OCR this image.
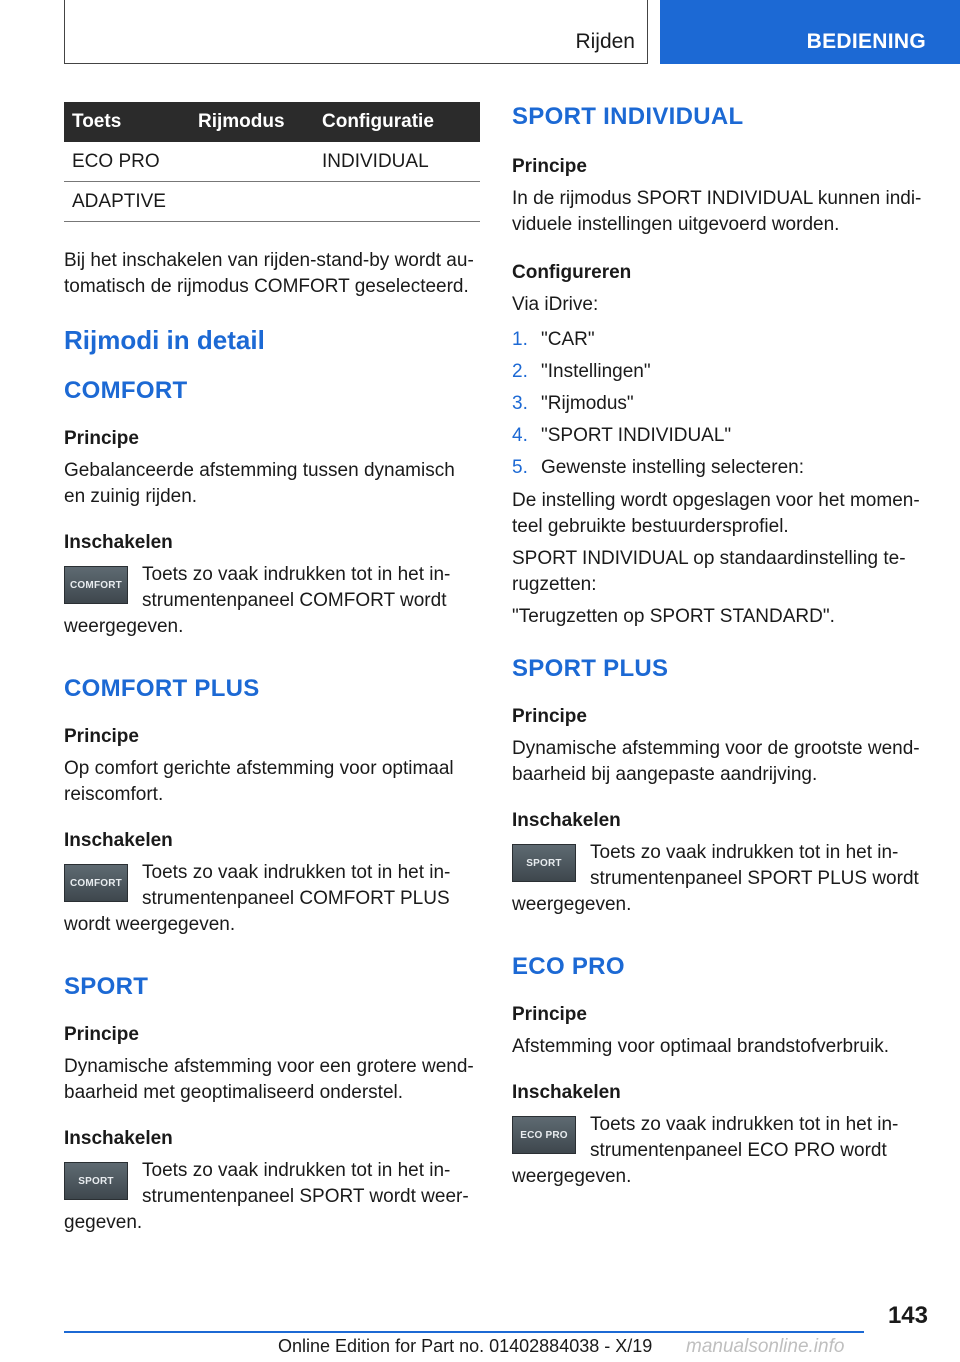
Rijden	BEDIENING
Toets	Rijmodus	Configuratie
ECO PRO		INDIVIDUAL
ADAPTIVE		

Bij het inschakelen van rijden-stand-by wordt au-tomatisch de rijmodus COMFORT geselecteerd.

Rijmodi in detail
COMFORT
Principe

Gebalanceerde afstemming tussen dynamisch en zuinig rijden.

Inschakelen
COMFORT	Toets zo vaak indrukken tot in het in-strumentenpaneel COMFORT wordt weergegeven.

COMFORT PLUS
Principe

Op comfort gerichte afstemming voor optimaal reiscomfort.

Inschakelen
COMFORT	Toets zo vaak indrukken tot in het in-strumentenpaneel COMFORT PLUS wordt weergegeven.

SPORT
Principe

Dynamische afstemming voor een grotere wend-baarheid met geoptimaliseerd onderstel.

Inschakelen
SPORT	Toets zo vaak indrukken tot in het in-strumentenpaneel SPORT wordt weer-gegeven.

SPORT INDIVIDUAL
Principe

In de rijmodus SPORT INDIVIDUAL kunnen indi-viduele instellingen uitgevoerd worden.

Configureren

Via iDrive:

1. "CAR"
2. "Instellingen"
3. "Rijmodus"
4. "SPORT INDIVIDUAL"
5. Gewenste instelling selecteren:

De instelling wordt opgeslagen voor het momen-teel gebruikte bestuurdersprofiel.

SPORT INDIVIDUAL op standaardinstelling te-rugzetten:

"Terugzetten op SPORT STANDARD".

SPORT PLUS
Principe

Dynamische afstemming voor de grootste wend-baarheid bij aangepaste aandrijving.

Inschakelen
SPORT	Toets zo vaak indrukken tot in het in-strumentenpaneel SPORT PLUS wordt weergegeven.

ECO PRO
Principe

Afstemming voor optimaal brandstofverbruik.

Inschakelen
ECO PRO	Toets zo vaak indrukken tot in het in-strumentenpaneel ECO PRO wordt weergegeven.

143
Online Edition for Part no. 01402884038 - X/19 manualsonline.info
